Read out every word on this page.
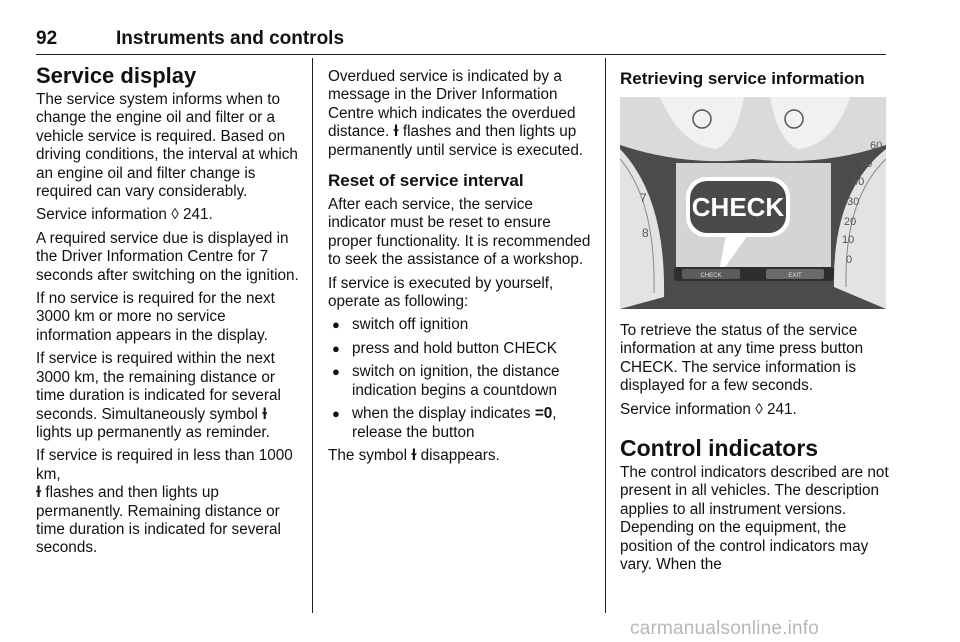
92	Instruments and controls
Service display

The service system informs when to change the engine oil and filter or a vehicle service is required. Based on driving conditions, the interval at which an engine oil and filter change is required can vary considerably.

Service information ◊ 241.

A required service due is displayed in the Driver Information Centre for 7 seconds after switching on the ignition.

If no service is required for the next 3000 km or more no service information appears in the display.

If service is required within the next 3000 km, the remaining distance or time duration is indicated for several seconds. Simultaneously symbol ɫ
lights up permanently as reminder.

If service is required in less than 1000 km,
ɫ flashes and then lights up permanently. Remaining distance or time duration is indicated for several seconds.

Overdued service is indicated by a message in the Driver Information Centre which indicates the overdued distance. ɫ flashes and then lights up permanently until service is executed.

Reset of service interval

After each service, the service indicator must be reset to ensure proper functionality. It is recommended to seek the assistance of a workshop.

If service is executed by yourself, operate as following:

● switch off ignition
● press and hold button CHECK
● switch on ignition, the distance indication begins a countdown
● when the display indicates =0, release the button

The symbol ɫ disappears.

Retrieving service information
CHECK
CHECK	EXIT
60
50
40
30
20
10
0
6
7
8

To retrieve the status of the service information at any time press button CHECK. The service information is displayed for a few seconds.

Service information ◊ 241.

Control indicators

The control indicators described are not present in all vehicles. The description applies to all instrument versions. Depending on the equipment, the position of the control indicators may vary. When the

carmanualsonline.info
